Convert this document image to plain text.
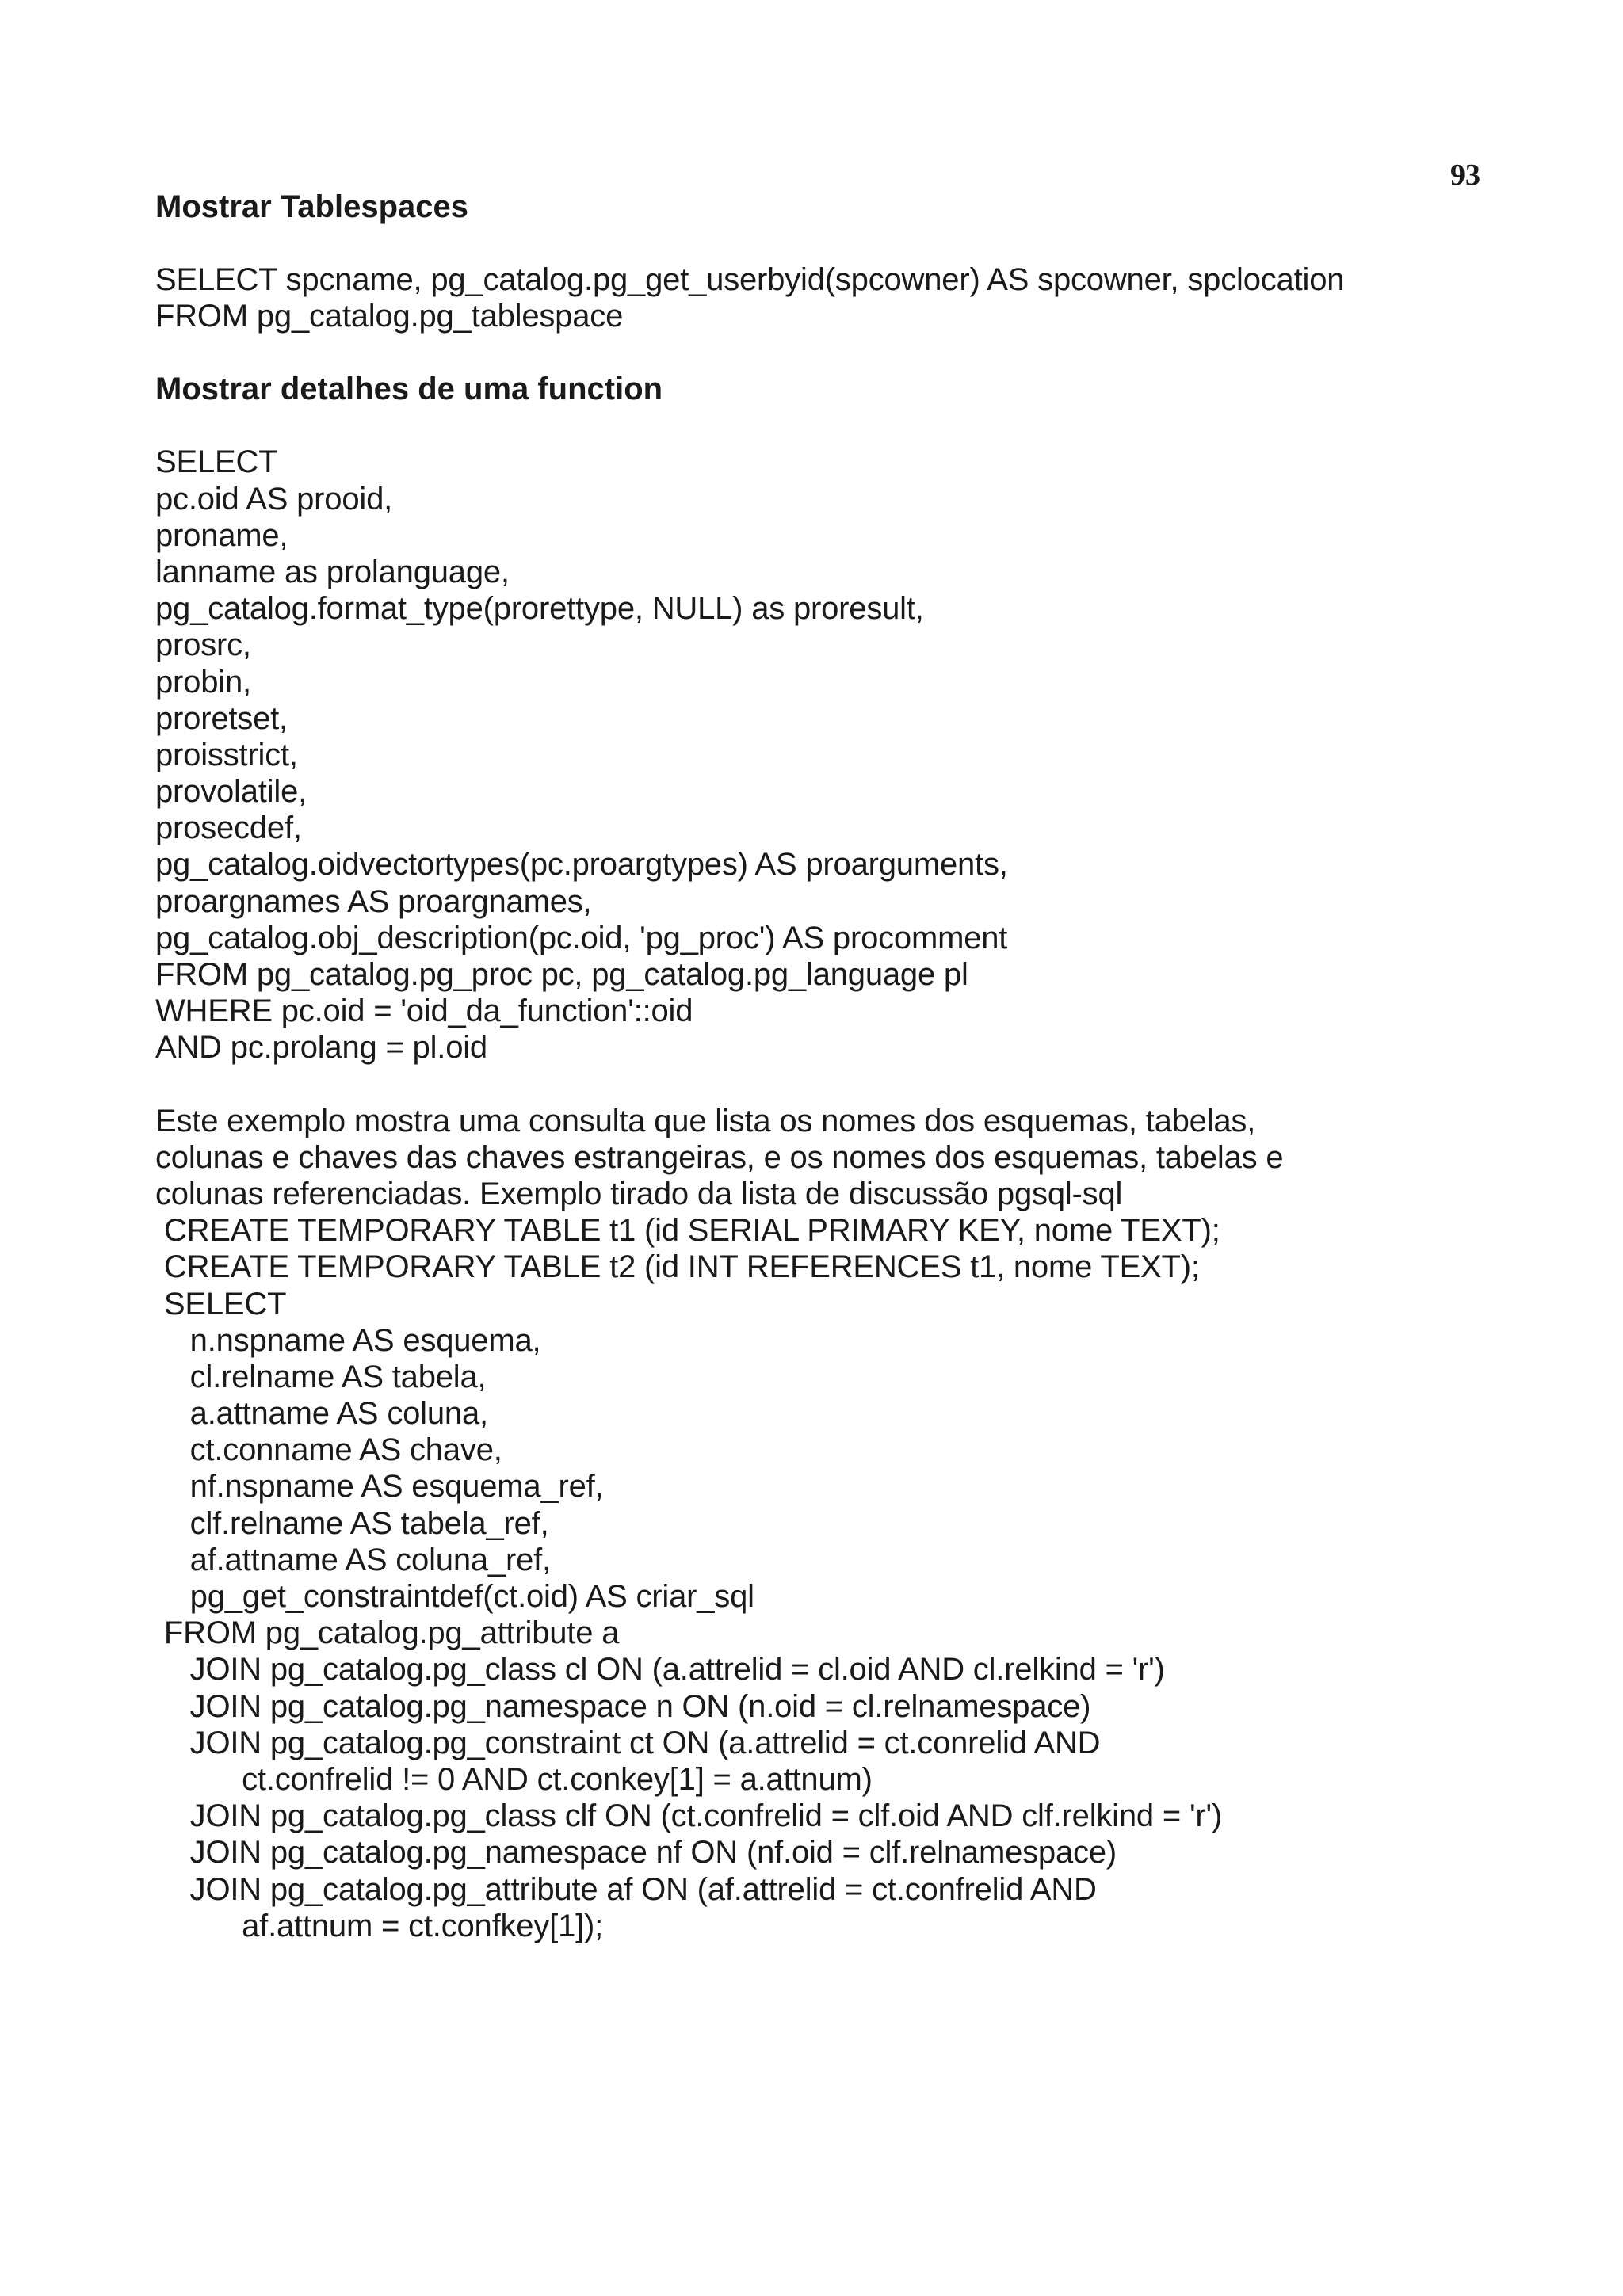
93
Mostrar Tablespaces
SELECT spcname, pg_catalog.pg_get_userbyid(spcowner) AS spcowner, spclocation
FROM pg_catalog.pg_tablespace
Mostrar detalhes de uma function
SELECT
pc.oid AS prooid,
proname,
lanname as prolanguage,
pg_catalog.format_type(prorettype, NULL) as proresult,
prosrc,
probin,
proretset,
proisstrict,
provolatile,
prosecdef,
pg_catalog.oidvectortypes(pc.proargtypes) AS proarguments,
proargnames AS proargnames,
pg_catalog.obj_description(pc.oid, 'pg_proc') AS procomment
FROM pg_catalog.pg_proc pc, pg_catalog.pg_language pl
WHERE pc.oid = 'oid_da_function'::oid
AND pc.prolang = pl.oid
Este exemplo mostra uma consulta que lista os nomes dos esquemas, tabelas,
colunas e chaves das chaves estrangeiras, e os nomes dos esquemas, tabelas e
colunas referenciadas. Exemplo tirado da lista de discussão pgsql-sql
CREATE TEMPORARY TABLE t1 (id SERIAL PRIMARY KEY, nome TEXT);
CREATE TEMPORARY TABLE t2 (id INT REFERENCES t1, nome TEXT);
SELECT
n.nspname AS esquema,
cl.relname AS tabela,
a.attname AS coluna,
ct.conname AS chave,
nf.nspname AS esquema_ref,
clf.relname AS tabela_ref,
af.attname AS coluna_ref,
pg_get_constraintdef(ct.oid) AS criar_sql
FROM pg_catalog.pg_attribute a
JOIN pg_catalog.pg_class cl ON (a.attrelid = cl.oid AND cl.relkind = 'r')
JOIN pg_catalog.pg_namespace n ON (n.oid = cl.relnamespace)
JOIN pg_catalog.pg_constraint ct ON (a.attrelid = ct.conrelid AND
ct.confrelid != 0 AND ct.conkey[1] = a.attnum)
JOIN pg_catalog.pg_class clf ON (ct.confrelid = clf.oid AND clf.relkind = 'r')
JOIN pg_catalog.pg_namespace nf ON (nf.oid = clf.relnamespace)
JOIN pg_catalog.pg_attribute af ON (af.attrelid = ct.confrelid AND
af.attnum = ct.confkey[1]);
